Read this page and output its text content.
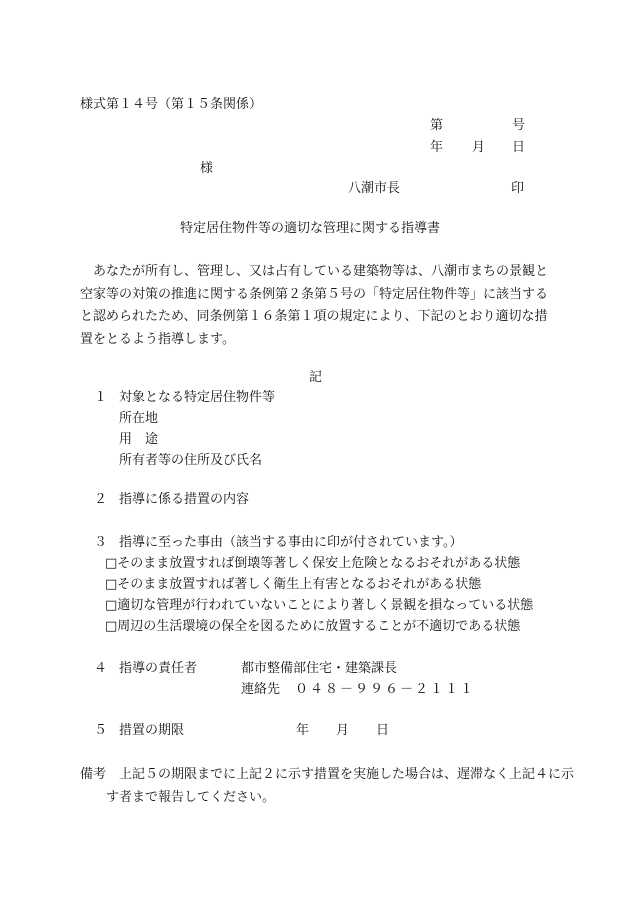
様式第１４号（第１５条関係）
第	号
年 月 日
様
八潮市長	印
特定居住物件等の適切な管理に関する指導書
あなたが所有し、管理し、又は占有している建築物等は、八潮市まちの景観と空家等の対策の推進に関する条例第２条第５号の「特定居住物件等」に該当すると認められたため、同条例第１６条第１項の規定により、下記のとおり適切な措置をとるよう指導します。
記
１ 対象となる特定居住物件等
所在地
用　途
所有者等の住所及び氏名
２ 指導に係る措置の内容
３ 指導に至った事由（該当する事由に印が付されています。）
□そのまま放置すれば倒壊等著しく保安上危険となるおそれがある状態
□そのまま放置すれば著しく衛生上有害となるおそれがある状態
□適切な管理が行われていないことにより著しく景観を損なっている状態
□周辺の生活環境の保全を図るために放置することが不適切である状態
４ 指導の責任者	都市整備部住宅・建築課長
連絡先 ０４８－９９６－２１１１
５ 措置の期限	年 月 日
備考　上記５の期限までに上記２に示す措置を実施した場合は、遅滞なく上記４に示す者まで報告してください。
